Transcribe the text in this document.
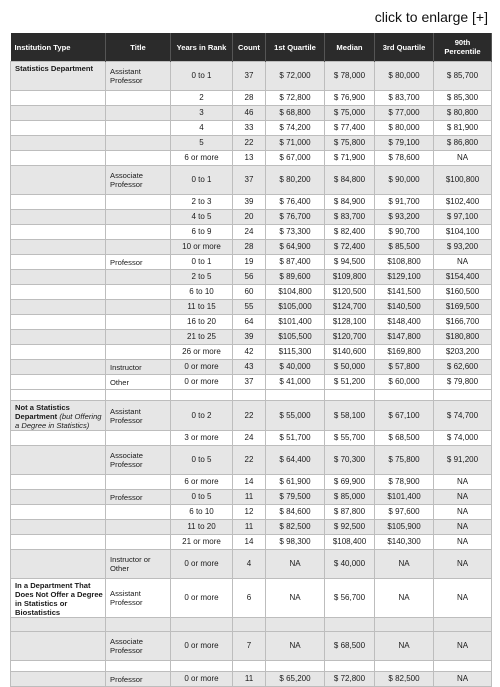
click to enlarge [+]
Institution Type	Title	Years in Rank	Count	1st Quartile	Median	3rd Quartile	90th Percentile
Statistics Department	Assistant Professor	0 to 1	37	$ 72,000	$ 78,000	$ 80,000	$ 85,700
		2	28	$ 72,800	$ 76,900	$ 83,700	$ 85,300
		3	46	$ 68,800	$ 75,000	$ 77,000	$ 80,800
		4	33	$ 74,200	$ 77,400	$ 80,000	$ 81,900
		5	22	$ 71,000	$ 75,800	$ 79,100	$ 86,800
		6 or more	13	$ 67,000	$ 71,900	$ 78,600	NA
	Associate Professor	0 to 1	37	$ 80,200	$ 84,800	$ 90,000	$100,800
		2 to 3	39	$ 76,400	$ 84,900	$ 91,700	$102,400
		4 to 5	20	$ 76,700	$ 83,700	$ 93,200	$ 97,100
		6 to 9	24	$ 73,300	$ 82,400	$ 90,700	$104,100
		10 or more	28	$ 64,900	$ 72,400	$ 85,500	$ 93,200
	Professor	0 to 1	19	$ 87,400	$ 94,500	$108,800	NA
		2 to 5	56	$ 89,600	$109,800	$129,100	$154,400
		6 to 10	60	$104,800	$120,500	$141,500	$160,500
		11 to 15	55	$105,000	$124,700	$140,500	$169,500
		16 to 20	64	$101,400	$128,100	$148,400	$166,700
		21 to 25	39	$105,500	$120,700	$147,800	$180,800
		26 or more	42	$115,300	$140,600	$169,800	$203,200
	Instructor	0 or more	43	$ 40,000	$ 50,000	$ 57,800	$ 62,600
	Other	0 or more	37	$ 41,000	$ 51,200	$ 60,000	$ 79,800

Not a Statistics Department (but Offering a Degree in Statistics)	Assistant Professor	0 to 2	22	$ 55,000	$ 58,100	$ 67,100	$ 74,700
		3 or more	24	$ 51,700	$ 55,700	$ 68,500	$ 74,000
	Associate Professor	0 to 5	22	$ 64,400	$ 70,300	$ 75,800	$ 91,200
		6 or more	14	$ 61,900	$ 69,900	$ 78,900	NA
	Professor	0 to 5	11	$ 79,500	$ 85,000	$101,400	NA
		6 to 10	12	$ 84,600	$ 87,800	$ 97,600	NA
		11 to 20	11	$ 82,500	$ 92,500	$105,900	NA
		21 or more	14	$ 98,300	$108,400	$140,300	NA
	Instructor or Other	0 or more	4	NA	$ 40,000	NA	NA
In a Department That Does Not Offer a Degree in Statistics or Biostatistics	Assistant Professor	0 or more	6	NA	$ 56,700	NA	NA

	Associate Professor	0 or more	7	NA	$ 68,500	NA	NA

	Professor	0 or more	11	$ 65,200	$ 72,800	$ 82,500	NA
